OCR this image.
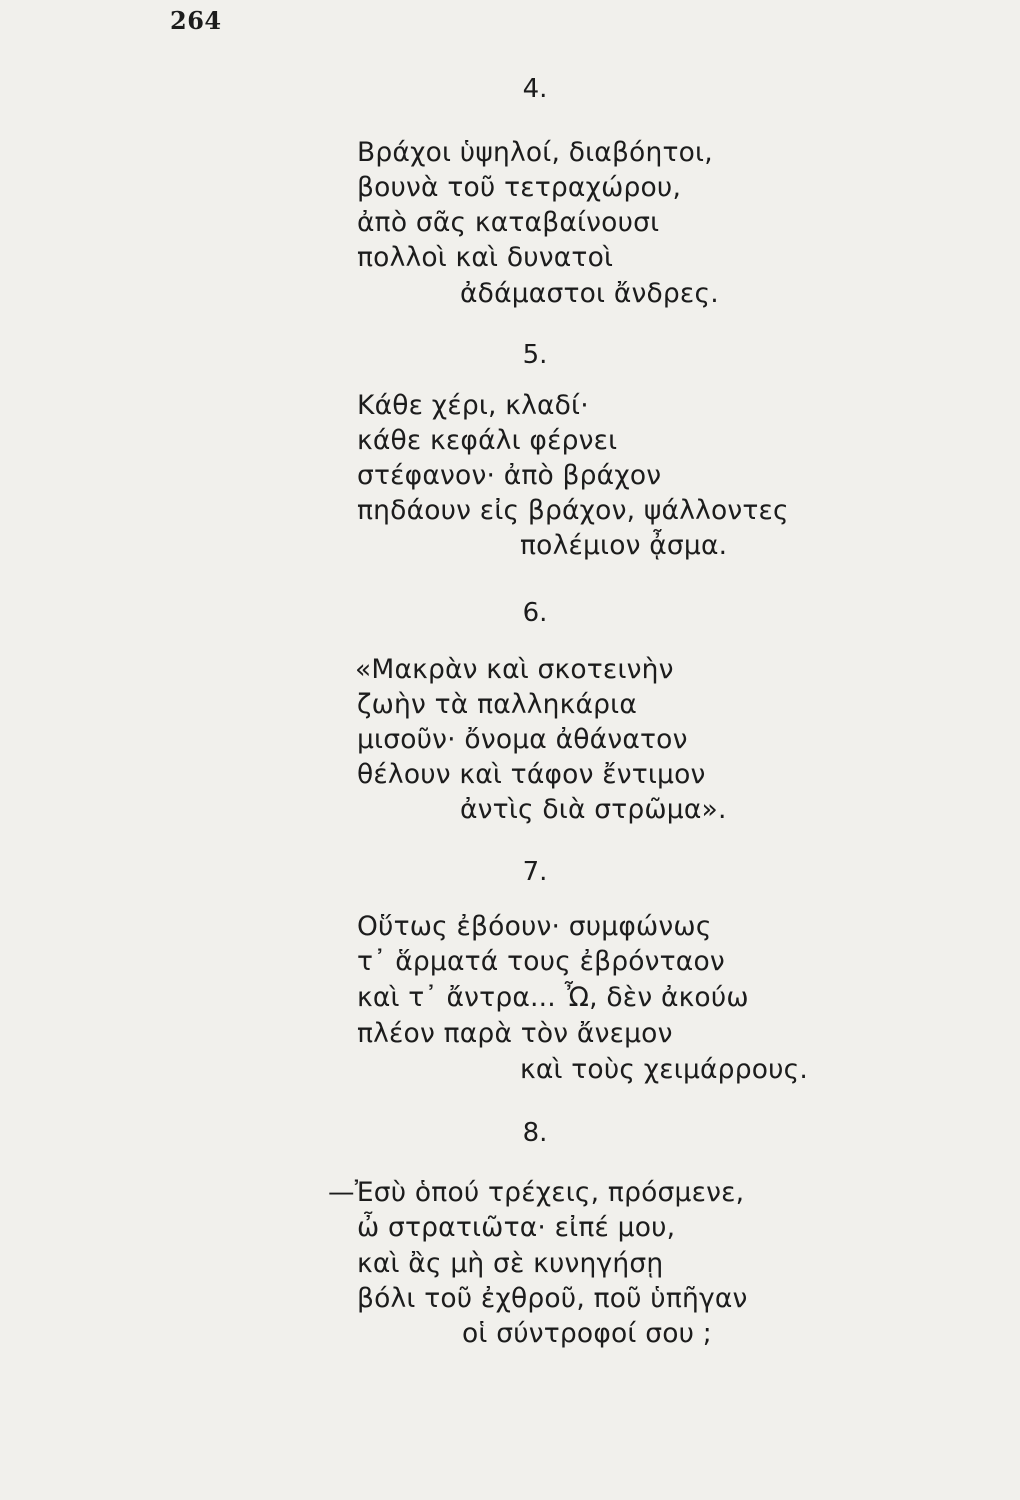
264
4.
Βράχοι ὑψηλοί, διαβόητοι,
βουνὰ τοῦ τετραχώρου,
ἀπὸ σᾶς καταβαίνουσι
πολλοὶ καὶ δυνατοὶ
ἀδάμαστοι ἄνδρες.
5.
Κάθε χέρι, κλαδί·
κάθε κεφάλι φέρνει
στέφανον· ἀπὸ βράχον
πηδάουν εἰς βράχον, ψάλλοντες
πολέμιον ᾆσμα.
6.
«Μακρὰν καὶ σκοτεινὴν
ζωὴν τὰ παλληκάρια
μισοῦν· ὄνομα ἀθάνατον
θέλουν καὶ τάφον ἔντιμον
ἀντὶς διὰ στρῶμα».
7.
Οὕτως ἐβόουν· συμφώνως
τ᾽ ἅρματά τους ἐβρόνταον
καὶ τ᾽ ἄντρα... Ὦ, δὲν ἀκούω
πλέον παρὰ τὸν ἄνεμον
καὶ τοὺς χειμάρρους.
8.
—Ἐσὺ ὁπού τρέχεις, πρόσμενε,
ὦ στρατιῶτα· εἰπέ μου,
καὶ ἂς μὴ σὲ κυνηγήσῃ
βόλι τοῦ ἐχθροῦ, ποῦ ὑπῆγαν
οἱ σύντροφοί σου ;
